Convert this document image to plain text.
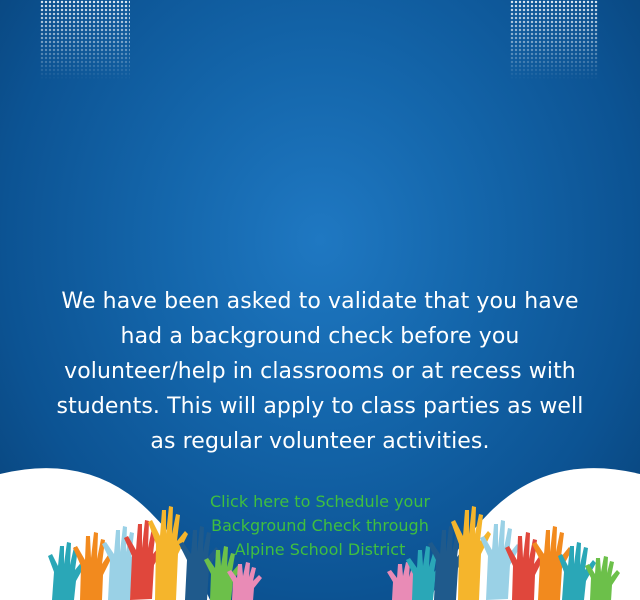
We have been asked to validate that you have
had a background check before you
volunteer/help in classrooms or at recess with
students. This will apply to class parties as well
as regular volunteer activities.

Click here to Schedule your
Background Check through
Alpine School District
